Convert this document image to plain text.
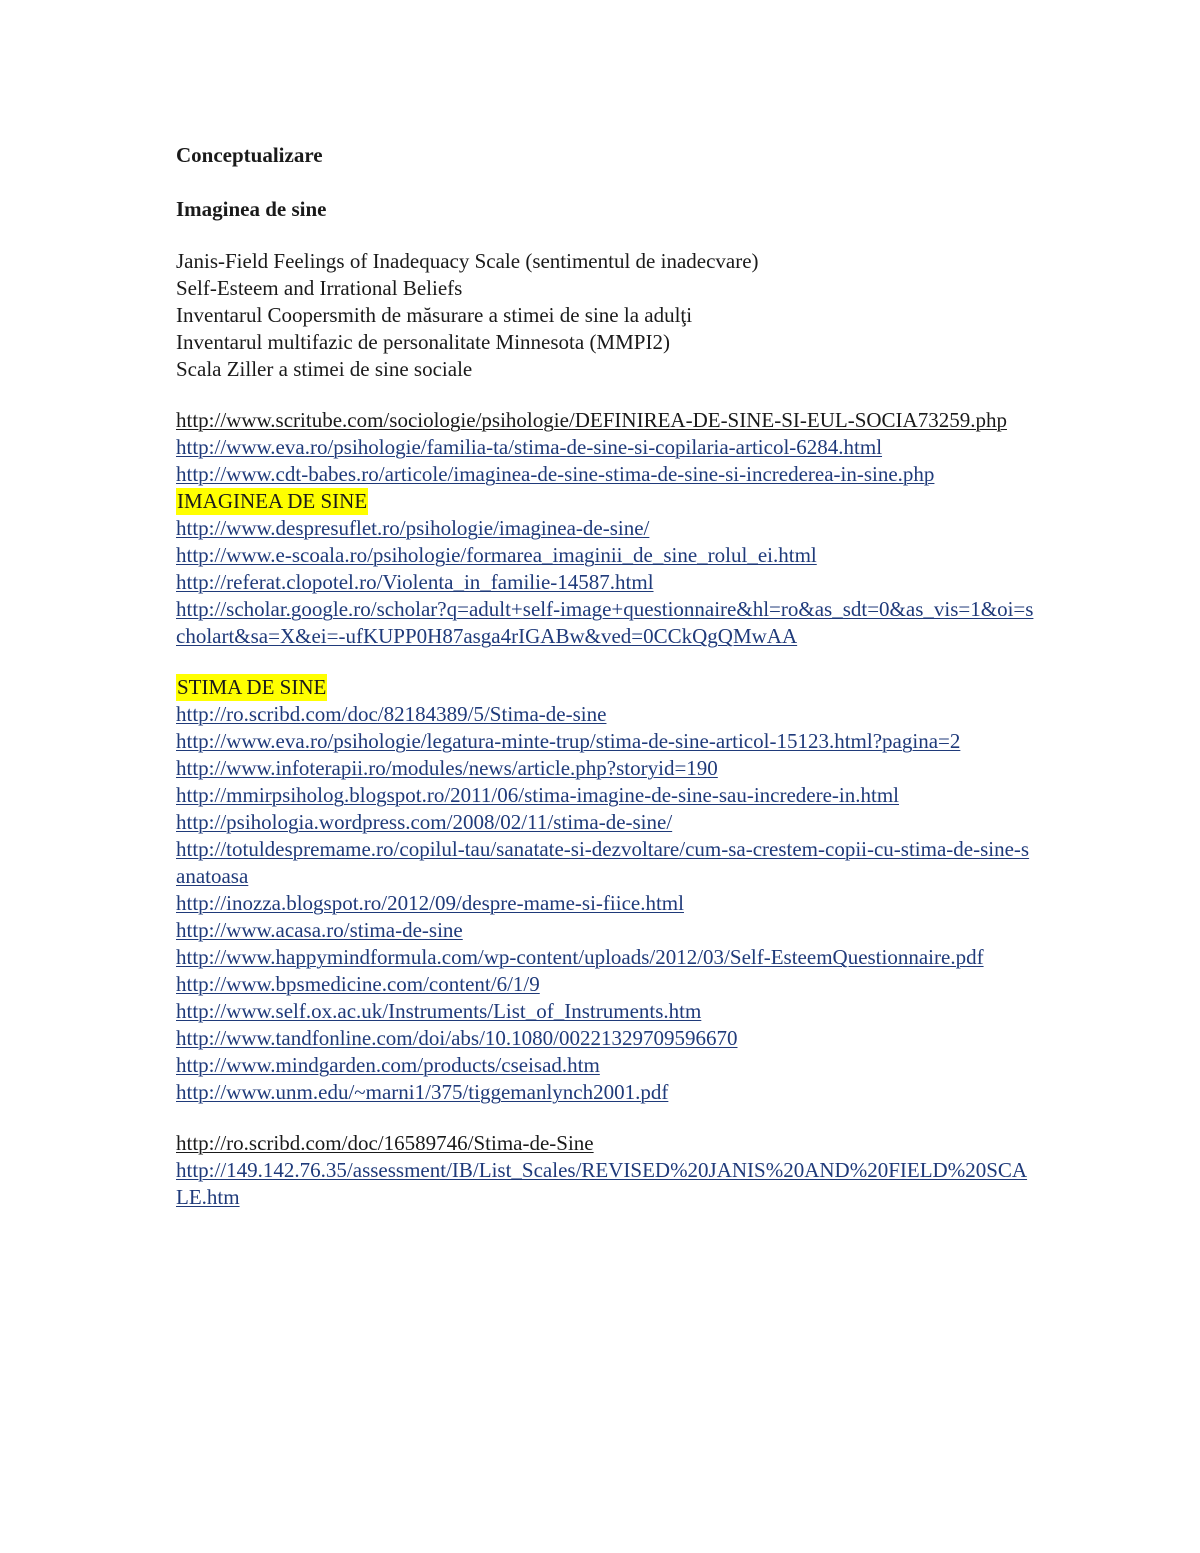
Conceptualizare

Imaginea de sine

Janis-Field Feelings of Inadequacy Scale (sentimentul de inadecvare)

Self-Esteem and Irrational Beliefs

Inventarul Coopersmith de măsurare a stimei de sine la adulţi

Inventarul multifazic de personalitate Minnesota (MMPI2)

Scala Ziller a stimei de sine sociale

http://www.scritube.com/sociologie/psihologie/DEFINIREA-DE-SINE-SI-EUL-SOCIA73259.php
http://www.eva.ro/psihologie/familia-ta/stima-de-sine-si-copilaria-articol-6284.html
http://www.cdt-babes.ro/articole/imaginea-de-sine-stima-de-sine-si-increderea-in-sine.php
IMAGINEA DE SINE
http://www.despresuflet.ro/psihologie/imaginea-de-sine/
http://www.e-scoala.ro/psihologie/formarea_imaginii_de_sine_rolul_ei.html
http://referat.clopotel.ro/Violenta_in_familie-14587.html
http://scholar.google.ro/scholar?q=adult+self-image+questionnaire&hl=ro&as_sdt=0&as_vis=1&oi=scholart&sa=X&ei=-ufKUPP0H87asga4rIGABw&ved=0CCkQgQMwAA
STIMA DE SINE
http://ro.scribd.com/doc/82184389/5/Stima-de-sine
http://www.eva.ro/psihologie/legatura-minte-trup/stima-de-sine-articol-15123.html?pagina=2
http://www.infoterapii.ro/modules/news/article.php?storyid=190
http://mmirpsiholog.blogspot.ro/2011/06/stima-imagine-de-sine-sau-incredere-in.html
http://psihologia.wordpress.com/2008/02/11/stima-de-sine/
http://totuldespremame.ro/copilul-tau/sanatate-si-dezvoltare/cum-sa-crestem-copii-cu-stima-de-sine-sanatoasa
http://inozza.blogspot.ro/2012/09/despre-mame-si-fiice.html
http://www.acasa.ro/stima-de-sine
http://www.happymindformula.com/wp-content/uploads/2012/03/Self-EsteemQuestionnaire.pdf
http://www.bpsmedicine.com/content/6/1/9
http://www.self.ox.ac.uk/Instruments/List_of_Instruments.htm
http://www.tandfonline.com/doi/abs/10.1080/00221329709596670
http://www.mindgarden.com/products/cseisad.htm
http://www.unm.edu/~marni1/375/tiggemanlynch2001.pdf
http://ro.scribd.com/doc/16589746/Stima-de-Sine
http://149.142.76.35/assessment/IB/List_Scales/REVISED%20JANIS%20AND%20FIELD%20SCALE.htm
